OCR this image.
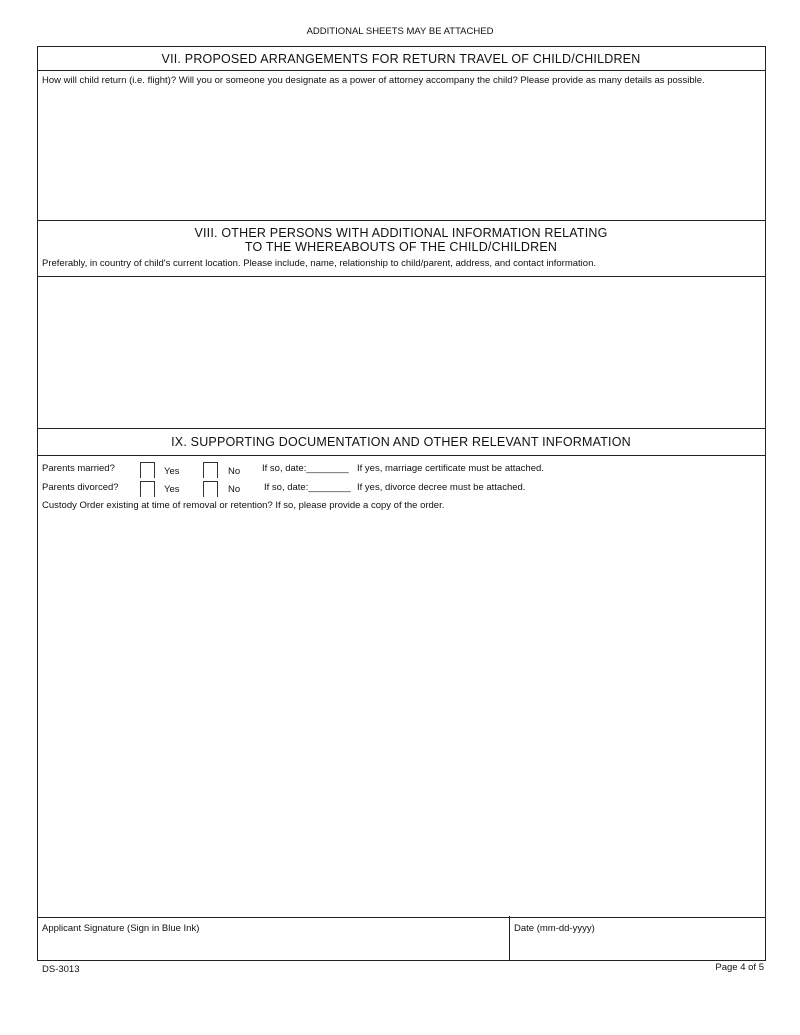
ADDITIONAL SHEETS MAY BE ATTACHED
VII. PROPOSED ARRANGEMENTS FOR RETURN TRAVEL OF CHILD/CHILDREN
How will child return (i.e. flight)? Will you or someone you designate as a power of attorney accompany the child? Please provide as many details as possible.
VIII. OTHER PERSONS WITH ADDITIONAL INFORMATION RELATING
TO THE WHEREABOUTS OF THE CHILD/CHILDREN
Preferably, in country of child's current location. Please include, name, relationship to child/parent, address, and contact information.
IX. SUPPORTING DOCUMENTATION AND OTHER RELEVANT INFORMATION
Parents married?	Yes	No If so, date:________ If yes, marriage certificate must be attached.
Parents divorced?	Yes	No	If so, date:________ If yes, divorce decree must be attached.
Custody Order existing at time of removal or retention? If so, please provide a copy of the order.
Applicant Signature (Sign in Blue Ink)	Date (mm-dd-yyyy)
DS-3013	Page 4 of 5
